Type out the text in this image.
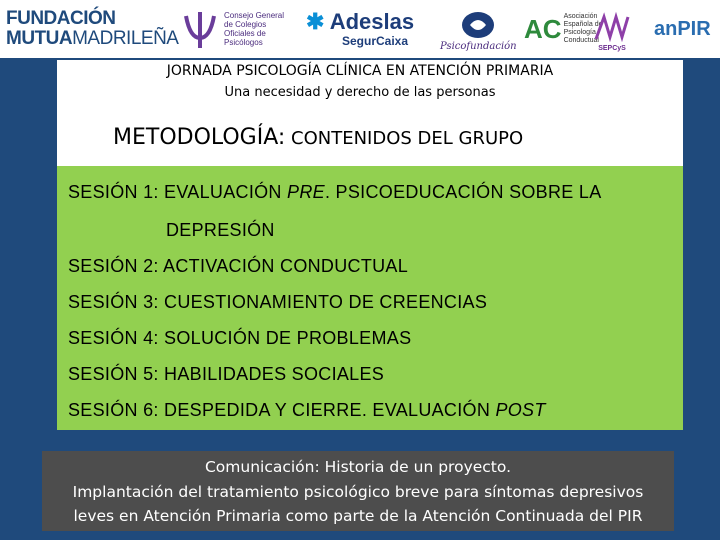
FUNDACIÓN
MUTUAMADRILEÑA
Consejo General de Colegios Oficiales de Psicólogos
✱ Adeslas
SegurCaixa	Psicofundación
AC Asociación Española de Psicología Conductual
SEPCyS
an PIR
JORNADA PSICOLOGÍA CLÍNICA EN ATENCIÓN PRIMARIA
Una necesidad y derecho de las personas
METODOLOGÍA: CONTENIDOS DEL GRUPO
SESIÓN 1: EVALUACIÓN PRE. PSICOEDUCACIÓN SOBRE LA
DEPRESIÓN
SESIÓN 2: ACTIVACIÓN CONDUCTUAL
SESIÓN 3: CUESTIONAMIENTO DE CREENCIAS
SESIÓN 4: SOLUCIÓN DE PROBLEMAS
SESIÓN 5: HABILIDADES SOCIALES
SESIÓN 6: DESPEDIDA Y CIERRE. EVALUACIÓN POST
Comunicación: Historia de un proyecto.
Implantación del tratamiento psicológico breve para síntomas depresivos
leves en Atención Primaria como parte de la Atención Continuada del PIR
